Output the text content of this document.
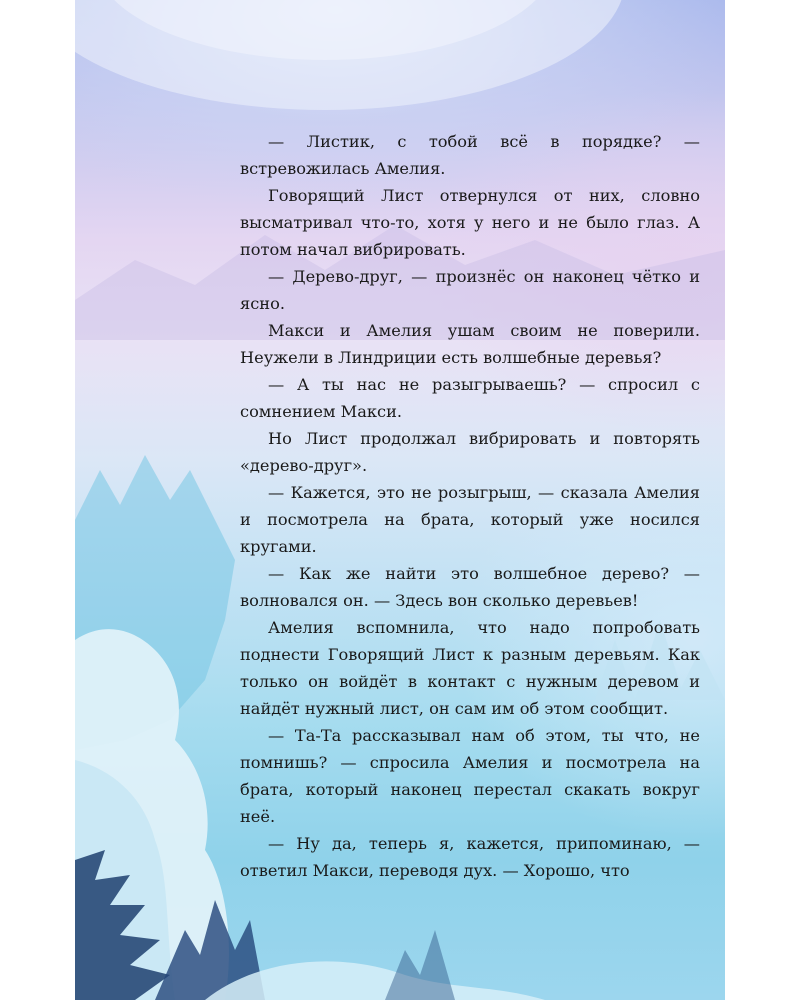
— Листик, с тобой всё в порядке? — встревожилась Амелия.

Говорящий Лист отвернулся от них, словно высматривал что-то, хотя у него и не было глаз. А потом начал вибрировать.

— Дерево-друг, — произнёс он наконец чётко и ясно.

Макси и Амелия ушам своим не поверили. Неужели в Линдриции есть волшебные деревья?

— А ты нас не разыгрываешь? — спросил с сомнением Макси.

Но Лист продолжал вибрировать и повторять «дерево-друг».

— Кажется, это не розыгрыш, — сказала Амелия и посмотрела на брата, который уже носился кругами.

— Как же найти это волшебное дерево? — волновался он. — Здесь вон сколько деревьев!

Амелия вспомнила, что надо попробовать поднести Говорящий Лист к разным деревьям. Как только он войдёт в контакт с нужным деревом и найдёт нужный лист, он сам им об этом сообщит.

— Та-Та рассказывал нам об этом, ты что, не помнишь? — спросила Амелия и посмотрела на брата, который наконец перестал скакать вокруг неё.

— Ну да, теперь я, кажется, припоминаю, — ответил Макси, переводя дух. — Хорошо, что
